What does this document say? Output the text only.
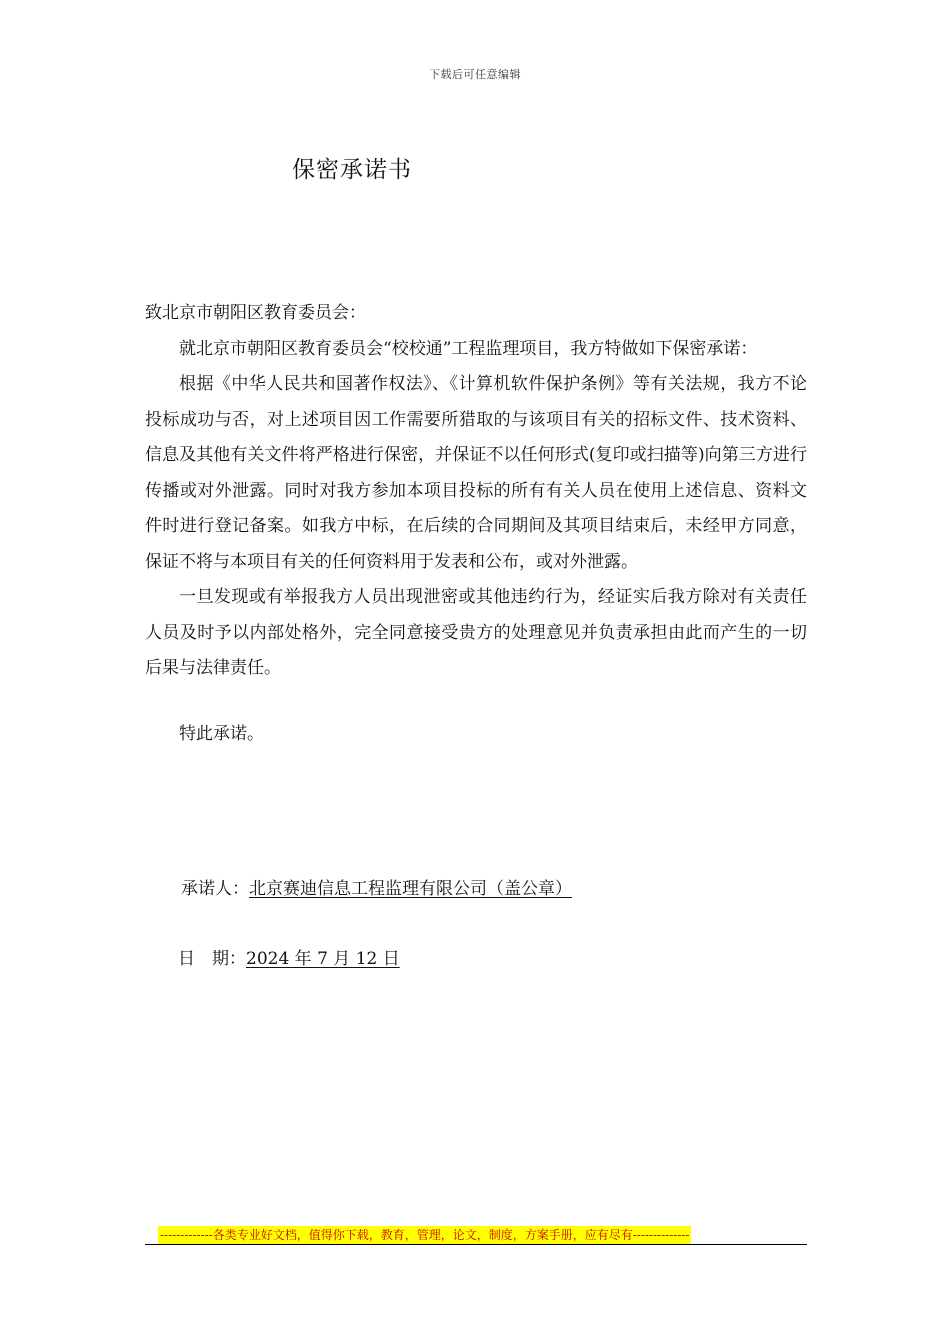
下载后可任意编辑
保密承诺书

致北京市朝阳区教育委员会：

就北京市朝阳区教育委员会“校校通”工程监理项目，我方特做如下保密承诺：

根据《中华人民共和国著作权法》、《计算机软件保护条例》等有关法规，我方不论投标成功与否，对上述项目因工作需要所猎取的与该项目有关的招标文件、技术资料、信息及其他有关文件将严格进行保密，并保证不以任何形式(复印或扫描等)向第三方进行传播或对外泄露。同时对我方参加本项目投标的所有有关人员在使用上述信息、资料文件时进行登记备案。如我方中标，在后续的合同期间及其项目结束后，未经甲方同意，保证不将与本项目有关的任何资料用于发表和公布，或对外泄露。

一旦发现或有举报我方人员出现泄密或其他违约行为，经证实后我方除对有关责任人员及时予以内部处格外，完全同意接受贵方的处理意见并负责承担由此而产生的一切后果与法律责任。

特此承诺。

承诺人：北京赛迪信息工程监理有限公司（盖公章）
日　期：2024 年 7 月 12 日
-------------各类专业好文档，值得你下载，教育，管理，论文，制度，方案手册，应有尽有--------------
